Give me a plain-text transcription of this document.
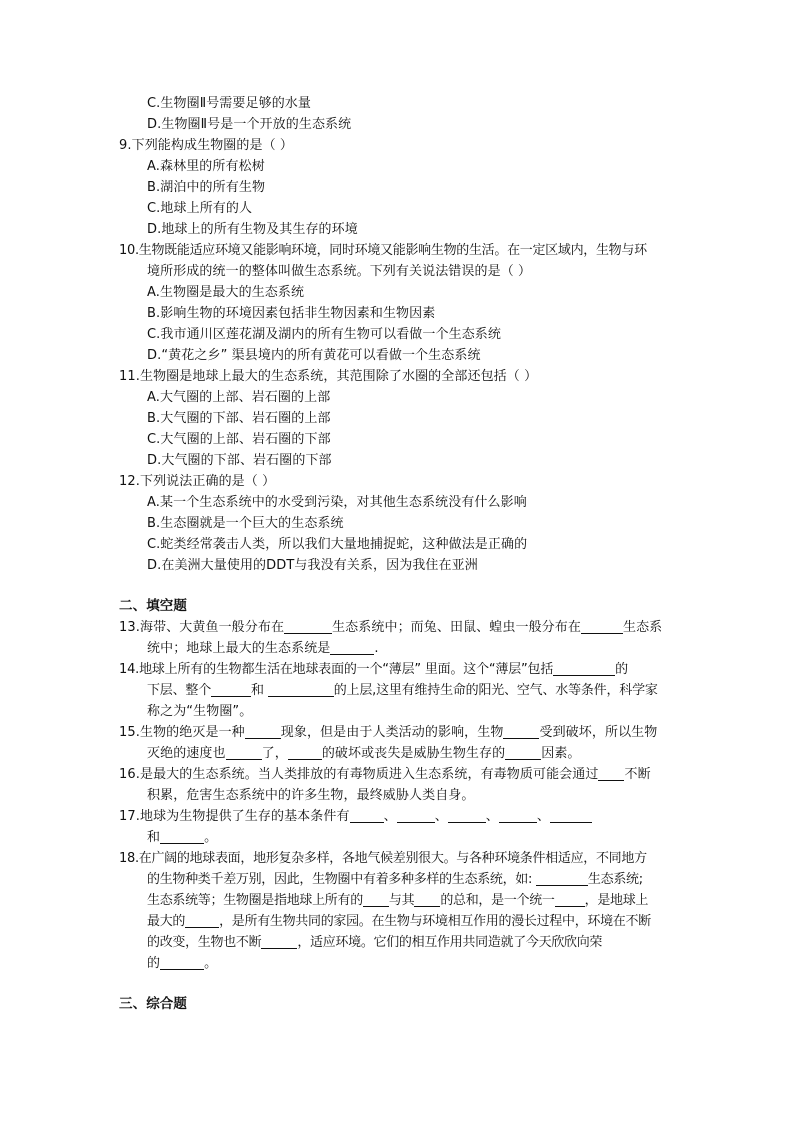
C.生物圈Ⅱ号需要足够的水量
D.生物圈Ⅱ号是一个开放的生态系统
9.下列能构成生物圈的是（ ）
A.森林里的所有松树
B.湖泊中的所有生物
C.地球上所有的人
D.地球上的所有生物及其生存的环境
10.生物既能适应环境又能影响环境，同时环境又能影响生物的生活。在一定区域内，生物与环
境所形成的统一的整体叫做生态系统。下列有关说法错误的是（ ）
A.生物圈是最大的生态系统
B.影响生物的环境因素包括非生物因素和生物因素
C.我市通川区莲花湖及湖内的所有生物可以看做一个生态系统
D.“黄花之乡” 渠县境内的所有黄花可以看做一个生态系统
11.生物圈是地球上最大的生态系统，其范围除了水圈的全部还包括（ ）
A.大气圈的上部、岩石圈的上部
B.大气圈的下部、岩石圈的上部
C.大气圈的上部、岩石圈的下部
D.大气圈的下部、岩石圈的下部
12.下列说法正确的是（ ）
A.某一个生态系统中的水受到污染，对其他生态系统没有什么影响
B.生态圈就是一个巨大的生态系统
C.蛇类经常袭击人类，所以我们大量地捕捉蛇，这种做法是正确的
D.在美洲大量使用的DDT与我没有关系，因为我住在亚洲
二、填空题
13.海带、大黄鱼一般分布在	生态系统中；而兔、田鼠、蝗虫一般分布在	生态系
统中；地球上最大的生态系统是	.
14.地球上所有的生物都生活在地球表面的一个“薄层” 里面。这个“薄层”包括	的
下层、整个	和	的上层,这里有维持生命的阳光、空气、水等条件，科学家
称之为“生物圈”。
15.生物的绝灭是一种	现象，但是由于人类活动的影响，生物	受到破坏，所以生物
灭绝的速度也	了，	的破坏或丧失是威胁生物生存的	因素。
16.是最大的生态系统。当人类排放的有毒物质进入生态系统，有毒物质可能会通过 不断
积累，危害生态系统中的许多生物，最终威胁人类自身。
17.地球为生物提供了生存的基本条件有	、	、	、	、
和	。
18.在广阔的地球表面，地形复杂多样，各地气候差别很大。与各种环境条件相适应，不同地方
的生物种类千差万别，因此，生物圈中有着多种多样的生态系统，如:	生态系统;
生态系统等；生物圈是指地球上所有的 与其 的总和，是一个统一 ，是地球上
最大的	，是所有生物共同的家园。在生物与环境相互作用的漫长过程中，环境在不断
的改变，生物也不断	，适应环境。它们的相互作用共同造就了今天欣欣向荣
的	。
三、综合题
